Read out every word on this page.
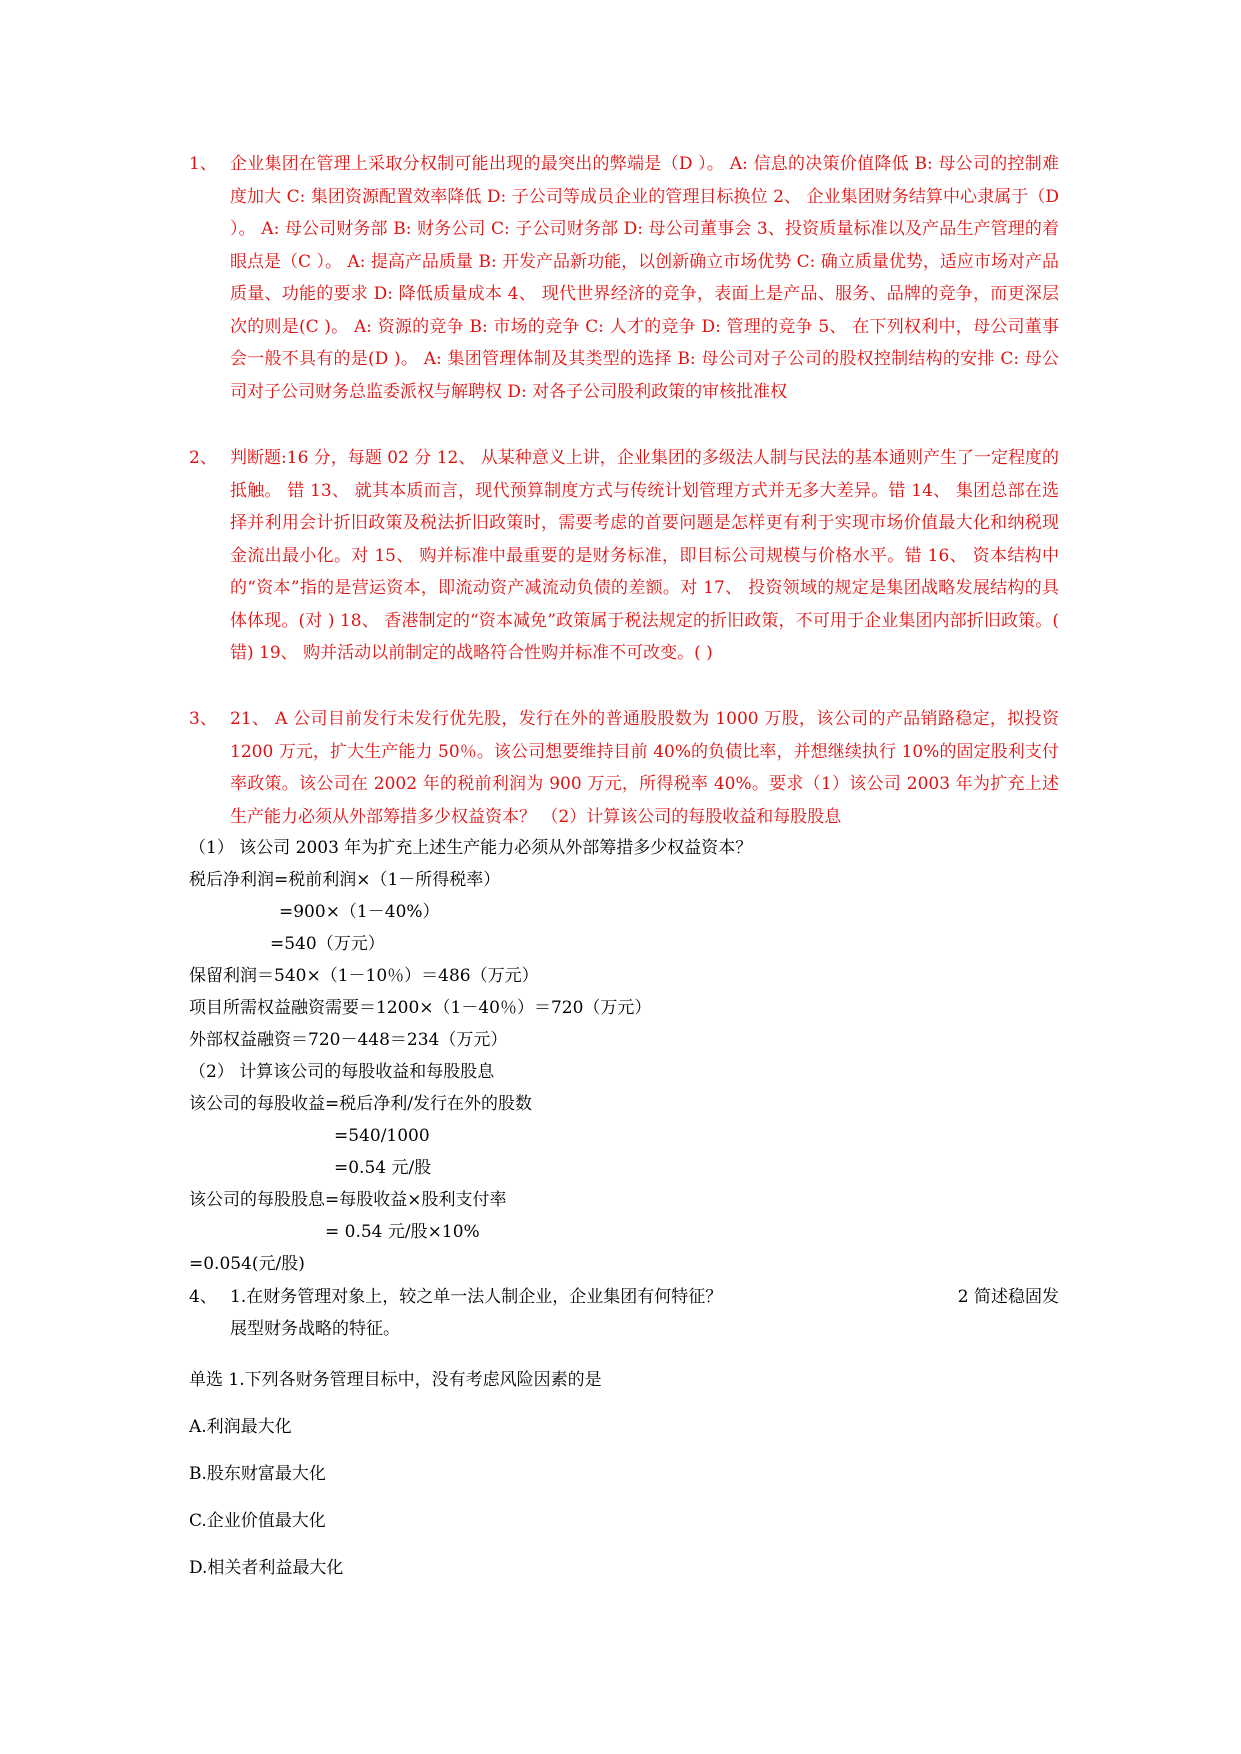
1、 企业集团在管理上采取分权制可能出现的最突出的弊端是（D ）。 A: 信息的决策价值降低 B: 母公司的控制难度加大 C: 集团资源配置效率降低 D: 子公司等成员企业的管理目标换位 2、 企业集团财务结算中心隶属于（D ）。 A: 母公司财务部 B: 财务公司 C: 子公司财务部 D: 母公司董事会 3、投资质量标准以及产品生产管理的着眼点是（C ）。 A: 提高产品质量 B: 开发产品新功能，以创新确立市场优势 C: 确立质量优势，适应市场对产品质量、功能的要求 D: 降低质量成本 4、 现代世界经济的竞争，表面上是产品、服务、品牌的竞争，而更深层次的则是(C )。 A: 资源的竞争 B: 市场的竞争 C: 人才的竞争 D: 管理的竞争 5、 在下列权利中，母公司董事会一般不具有的是(D )。 A: 集团管理体制及其类型的选择 B: 母公司对子公司的股权控制结构的安排 C: 母公司对子公司财务总监委派权与解聘权 D: 对各子公司股利政策的审核批准权
2、 判断题:16 分，每题 02 分 12、 从某种意义上讲，企业集团的多级法人制与民法的基本通则产生了一定程度的抵触。 错 13、 就其本质而言，现代预算制度方式与传统计划管理方式并无多大差异。错 14、 集团总部在选择并利用会计折旧政策及税法折旧政策时，需要考虑的首要问题是怎样更有利于实现市场价值最大化和纳税现金流出最小化。对 15、 购并标准中最重要的是财务标准，即目标公司规模与价格水平。错 16、 资本结构中的“资本”指的是营运资本，即流动资产减流动负债的差额。对 17、 投资领域的规定是集团战略发展结构的具体体现。(对 ) 18、 香港制定的“资本减免”政策属于税法规定的折旧政策，不可用于企业集团内部折旧政策。( 错) 19、 购并活动以前制定的战略符合性购并标准不可改变。( )
3、 21、 A 公司目前发行未发行优先股，发行在外的普通股股数为 1000 万股，该公司的产品销路稳定，拟投资 1200 万元，扩大生产能力 50％。该公司想要维持目前 40%的负债比率，并想继续执行 10%的固定股利支付率政策。该公司在 2002 年的税前利润为 900 万元，所得税率 40%。要求（1）该公司 2003 年为扩充上述生产能力必须从外部筹措多少权益资本？ （2）计算该公司的每股收益和每股股息
（1） 该公司 2003 年为扩充上述生产能力必须从外部筹措多少权益资本？
税后净利润=税前利润×（1－所得税率）
=900×（1－40%）
=540（万元）
保留利润＝540×（1－10％）＝486（万元）
项目所需权益融资需要＝1200×（1－40％）＝720（万元）
外部权益融资＝720－448＝234（万元）
（2） 计算该公司的每股收益和每股股息
该公司的每股收益=税后净利/发行在外的股数
=540/1000
=0.54 元/股
该公司的每股股息=每股收益×股利支付率
= 0.54 元/股×10%
=0.054(元/股)
4、 1.在财务管理对象上，较之单一法人制企业，企业集团有何特征？	2 简述稳固发

展型财务战略的特征。
单选 1.下列各财务管理目标中，没有考虑风险因素的是
A.利润最大化
B.股东财富最大化
C.企业价值最大化
D.相关者利益最大化
